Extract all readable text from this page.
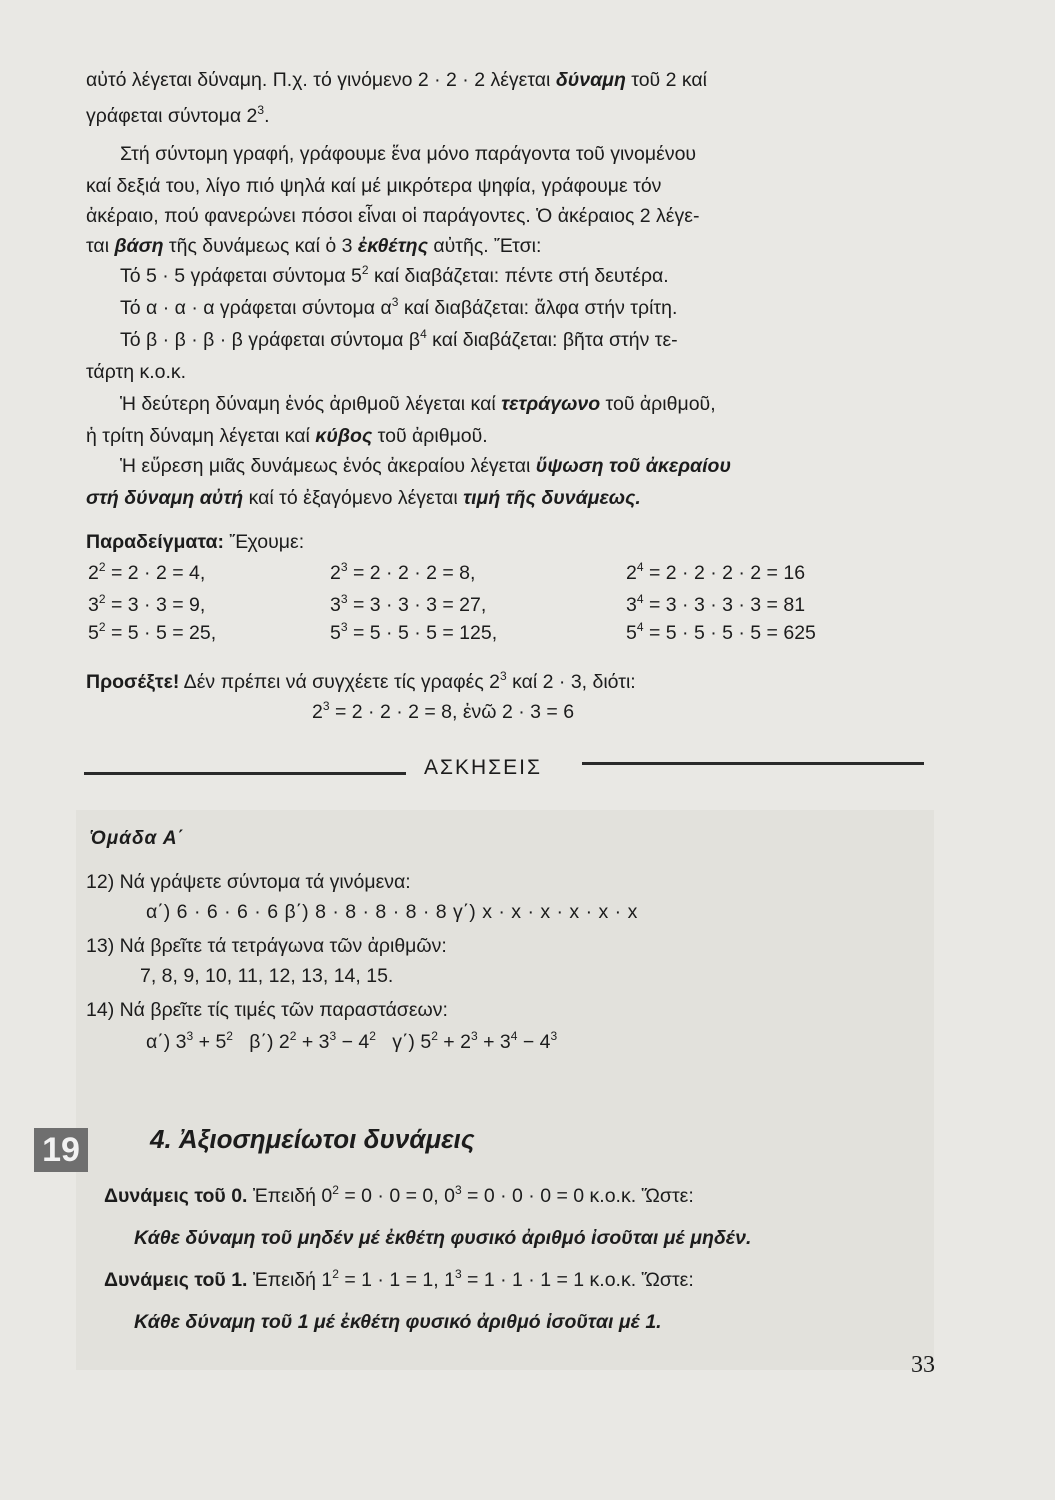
αὐτό λέγεται δύναμη. Π.χ. τό γινόμενο 2 · 2 · 2 λέγεται δύναμη τοῦ 2 καί
γράφεται σύντομα $2^3$.
Στή σύντομη γραφή, γράφουμε ἕνα μόνο παράγοντα τοῦ γινομένου
καί δεξιά του, λίγο πιό ψηλά καί μέ μικρότερα ψηφία, γράφουμε τόν
ἀκέραιο, πού φανερώνει πόσοι εἶναι οἱ παράγοντες. Ὁ ἀκέραιος 2 λέγε-
ται βάση τῆς δυνάμεως καί ὁ 3 ἐκθέτης αὐτῆς. Ἔτσι:
Τό 5 · 5 γράφεται σύντομα $5^2$ καί διαβάζεται: πέντε στή δευτέρα.
Τό α · α · α γράφεται σύντομα $\alpha^3$ καί διαβάζεται: ἄλφα στήν τρίτη.
Τό β · β · β · β γράφεται σύντομα $\beta^4$ καί διαβάζεται: βῆτα στήν τε-
τάρτη κ.ο.κ.
Ἡ δεύτερη δύναμη ἑνός ἀριθμοῦ λέγεται καί τετράγωνο τοῦ ἀριθμοῦ,
ἡ τρίτη δύναμη λέγεται καί κύβος τοῦ ἀριθμοῦ.
Ἡ εὕρεση μιᾶς δυνάμεως ἑνός ἀκεραίου λέγεται ὕψωση τοῦ ἀκεραίου
στή δύναμη αὐτή καί τό ἐξαγόμενο λέγεται τιμή τῆς δυνάμεως.
Παραδείγματα: Ἔχουμε:
$2^2 = 2 \cdot 2 = 4$,	$2^3 = 2 \cdot 2 \cdot 2 = 8$,	$2^4 = 2 \cdot 2 \cdot 2 \cdot 2 = 16$
$3^2 = 3 \cdot 3 = 9$,	$3^3 = 3 \cdot 3 \cdot 3 = 27$,	$3^4 = 3 \cdot 3 \cdot 3 \cdot 3 = 81$
$5^2 = 5 \cdot 5 = 25$,	$5^3 = 5 \cdot 5 \cdot 5 = 125$,	$5^4 = 5 \cdot 5 \cdot 5 \cdot 5 = 625$
Προσέξτε! Δέν πρέπει νά συγχέετε τίς γραφές $2^3$ καί 2 · 3, διότι:
$2^3 = 2 \cdot 2 \cdot 2 = 8$, ἐνῶ 2 · 3 = 6
ΑΣΚΗΣΕΙΣ
Ὁμάδα Α΄
12) Νά γράψετε σύντομα τά γινόμενα:
α΄) 6 · 6 · 6 · 6 β΄) 8 · 8 · 8 · 8 · 8 γ΄) x · x · x · x · x · x
13) Νά βρεῖτε τά τετράγωνα τῶν ἀριθμῶν:
7, 8, 9, 10, 11, 12, 13, 14, 15.
14) Νά βρεῖτε τίς τιμές τῶν παραστάσεων:
α΄) $3^3 + 5^2$   β΄) $2^2 + 3^3 - 4^2$   γ΄) $5^2 + 2^3 + 3^4 - 4^3$
19	4. Ἀξιοσημείωτοι δυνάμεις
Δυνάμεις τοῦ 0. Ἐπειδή $0^2 = 0 \cdot 0 = 0$, $0^3 = 0 \cdot 0 \cdot 0 = 0$ κ.ο.κ. Ὥστε:
Κάθε δύναμη τοῦ μηδέν μέ ἐκθέτη φυσικό ἀριθμό ἰσοῦται μέ μηδέν.
Δυνάμεις τοῦ 1. Ἐπειδή $1^2 = 1 \cdot 1 = 1$, $1^3 = 1 \cdot 1 \cdot 1 = 1$ κ.ο.κ. Ὥστε:
Κάθε δύναμη τοῦ 1 μέ ἐκθέτη φυσικό ἀριθμό ἰσοῦται μέ 1.
33
